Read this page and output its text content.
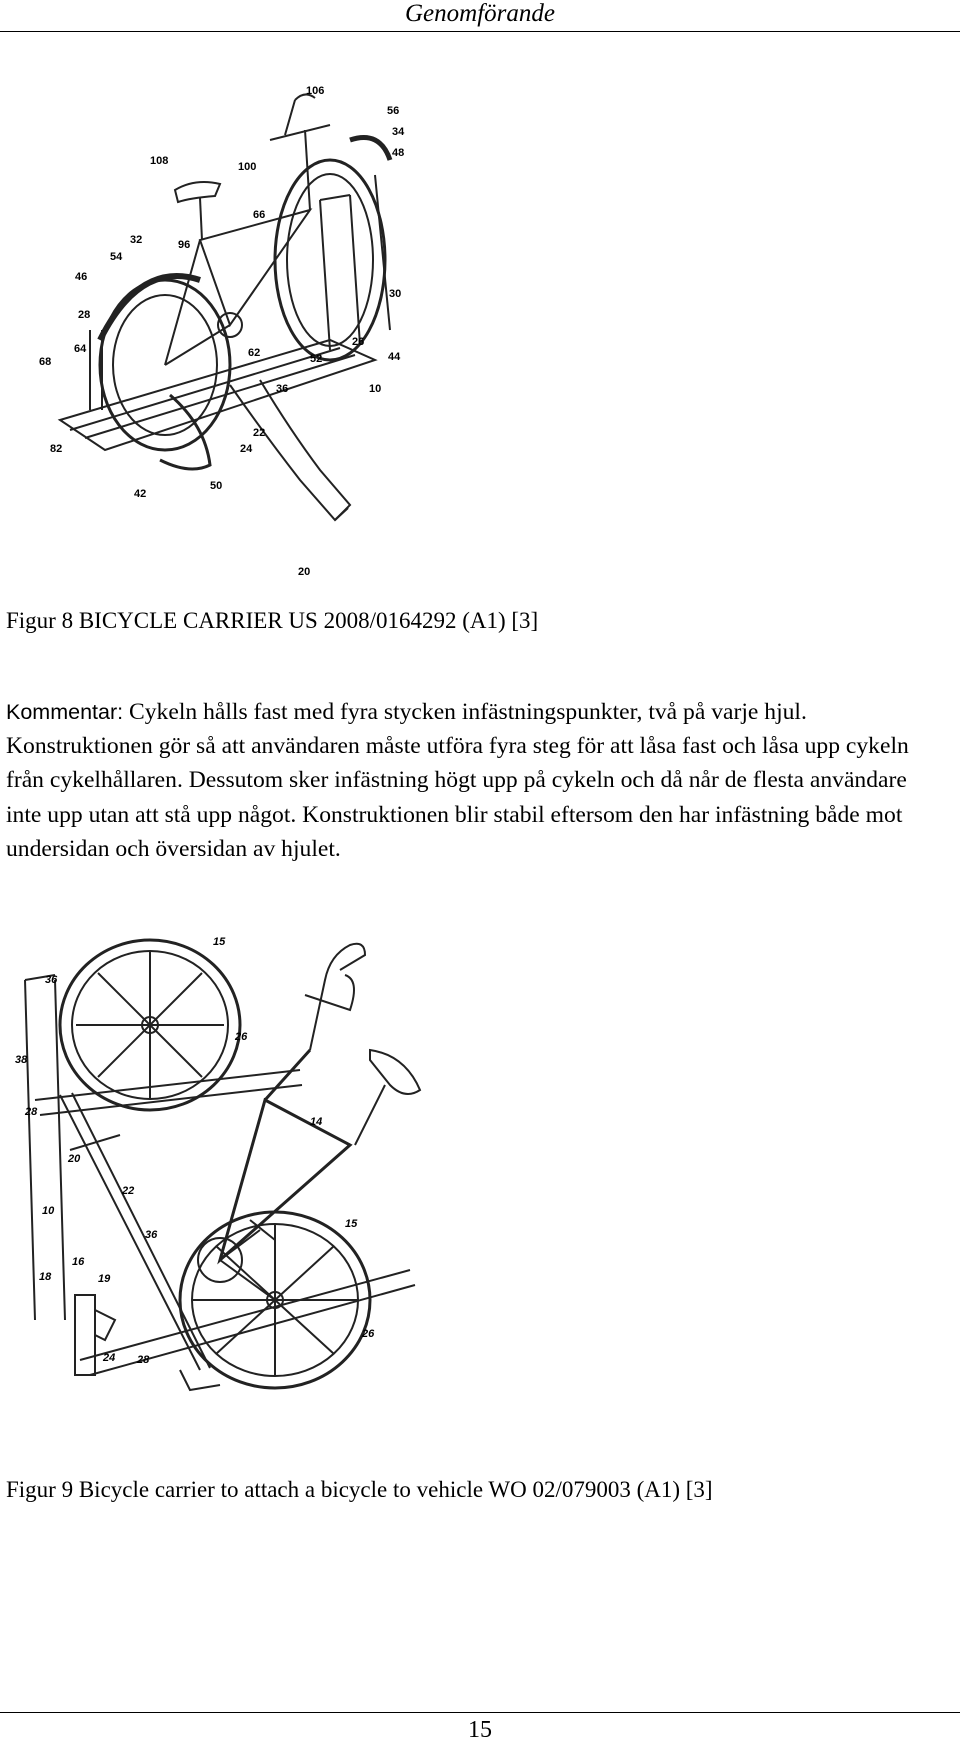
Genomförande
106
56
34
48
108	100
66
32	96
54
46
28
64
68
62
30
26
44
52
36	10
22
24
82
50
42
20
Figur 8 BICYCLE CARRIER US 2008/0164292 (A1) [3]
Kommentar: Cykeln hålls fast med fyra stycken infästningspunkter, två på varje hjul. Konstruktionen gör så att användaren måste utföra fyra steg för att låsa fast och låsa upp cykeln från cykelhållaren. Dessutom sker infästning högt upp på cykeln och då når de flesta användare inte upp utan att stå upp något. Konstruktionen blir stabil eftersom den har infästning både mot undersidan och översidan av hjulet.
15
36
26
38
28
14
20
22
10
36
15
16
19
18
24 28
26
Figur 9 Bicycle carrier to attach a bicycle to vehicle WO 02/079003 (A1) [3]
15
